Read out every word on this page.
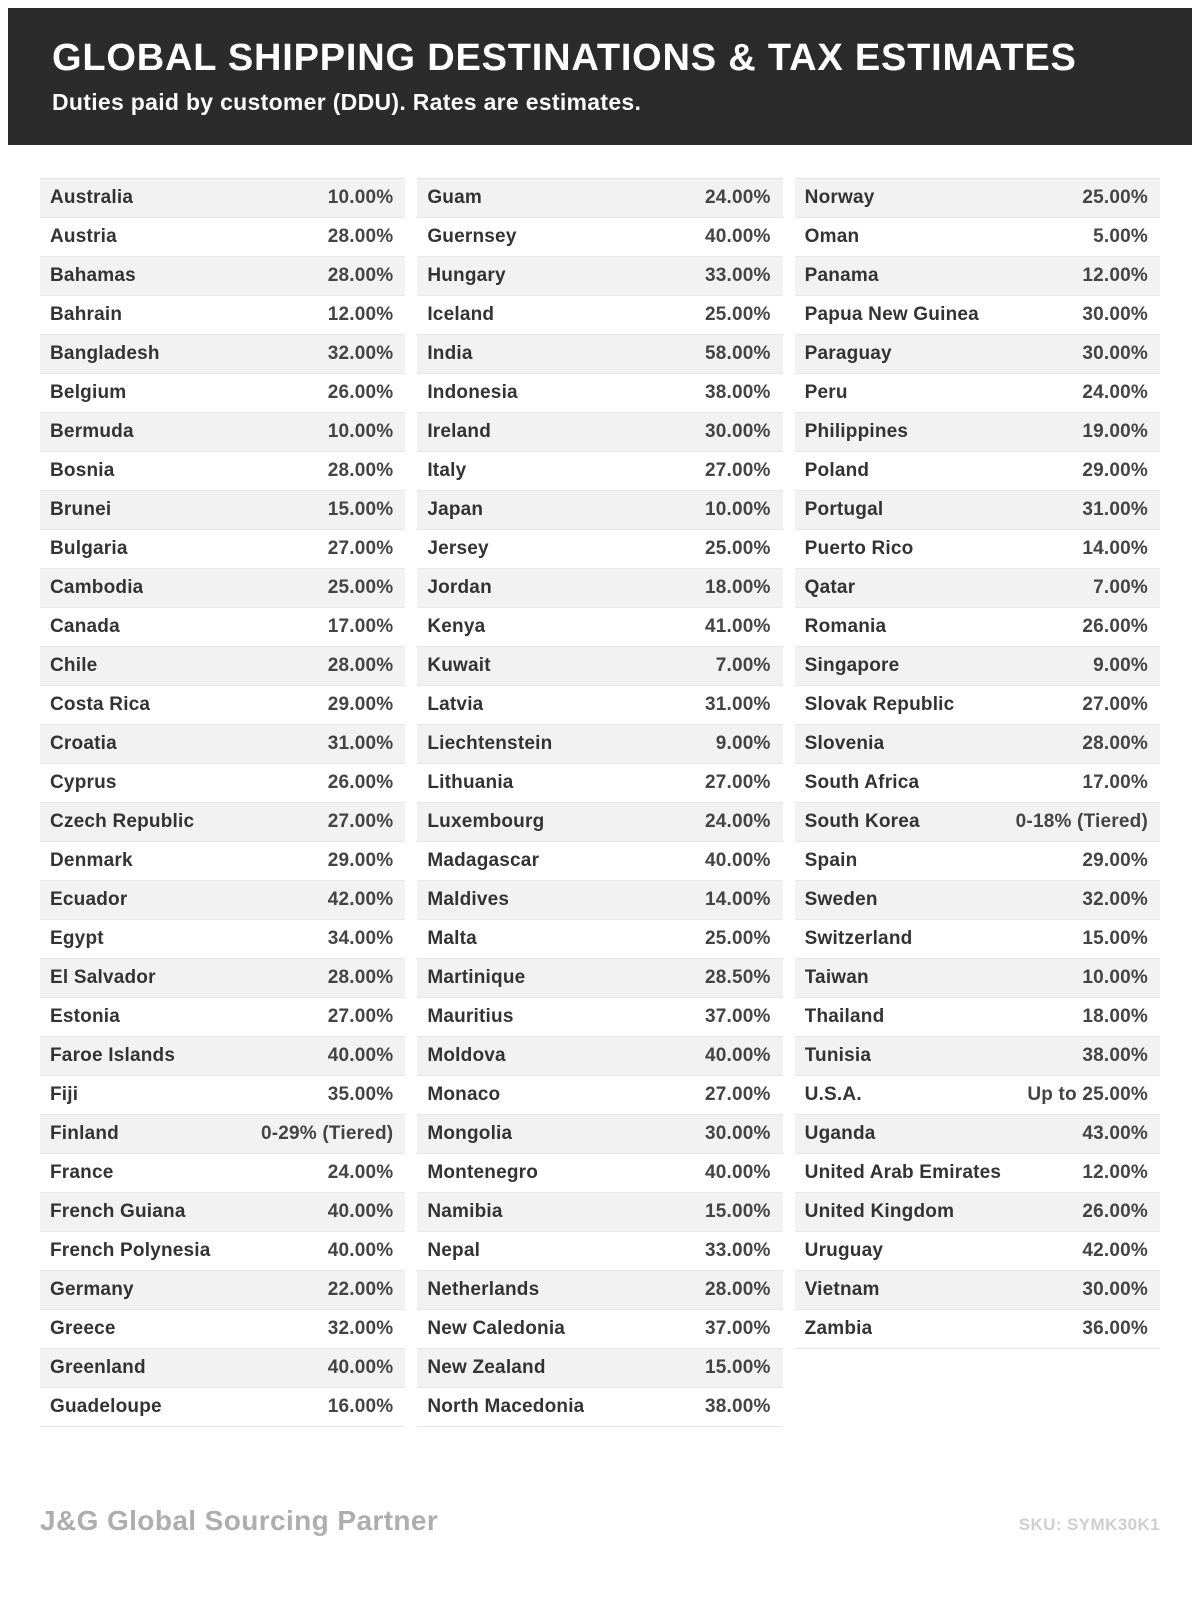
GLOBAL SHIPPING DESTINATIONS & TAX ESTIMATES

Duties paid by customer (DDU). Rates are estimates.

Australia	10.00%
Austria	28.00%
Bahamas	28.00%
Bahrain	12.00%
Bangladesh	32.00%
Belgium	26.00%
Bermuda	10.00%
Bosnia	28.00%
Brunei	15.00%
Bulgaria	27.00%
Cambodia	25.00%
Canada	17.00%
Chile	28.00%
Costa Rica	29.00%
Croatia	31.00%
Cyprus	26.00%
Czech Republic	27.00%
Denmark	29.00%
Ecuador	42.00%
Egypt	34.00%
El Salvador	28.00%
Estonia	27.00%
Faroe Islands	40.00%
Fiji	35.00%
Finland	0-29% (Tiered)
France	24.00%
French Guiana	40.00%
French Polynesia	40.00%
Germany	22.00%
Greece	32.00%
Greenland	40.00%
Guadeloupe	16.00%
Guam	24.00%
Guernsey	40.00%
Hungary	33.00%
Iceland	25.00%
India	58.00%
Indonesia	38.00%
Ireland	30.00%
Italy	27.00%
Japan	10.00%
Jersey	25.00%
Jordan	18.00%
Kenya	41.00%
Kuwait	7.00%
Latvia	31.00%
Liechtenstein	9.00%
Lithuania	27.00%
Luxembourg	24.00%
Madagascar	40.00%
Maldives	14.00%
Malta	25.00%
Martinique	28.50%
Mauritius	37.00%
Moldova	40.00%
Monaco	27.00%
Mongolia	30.00%
Montenegro	40.00%
Namibia	15.00%
Nepal	33.00%
Netherlands	28.00%
New Caledonia	37.00%
New Zealand	15.00%
North Macedonia	38.00%
Norway	25.00%
Oman	5.00%
Panama	12.00%
Papua New Guinea	30.00%
Paraguay	30.00%
Peru	24.00%
Philippines	19.00%
Poland	29.00%
Portugal	31.00%
Puerto Rico	14.00%
Qatar	7.00%
Romania	26.00%
Singapore	9.00%
Slovak Republic	27.00%
Slovenia	28.00%
South Africa	17.00%
South Korea	0-18% (Tiered)
Spain	29.00%
Sweden	32.00%
Switzerland	15.00%
Taiwan	10.00%
Thailand	18.00%
Tunisia	38.00%
U.S.A.	Up to 25.00%
Uganda	43.00%
United Arab Emirates	12.00%
United Kingdom	26.00%
Uruguay	42.00%
Vietnam	30.00%
Zambia	36.00%
J&G Global Sourcing Partner	SKU: SYMK30K1
